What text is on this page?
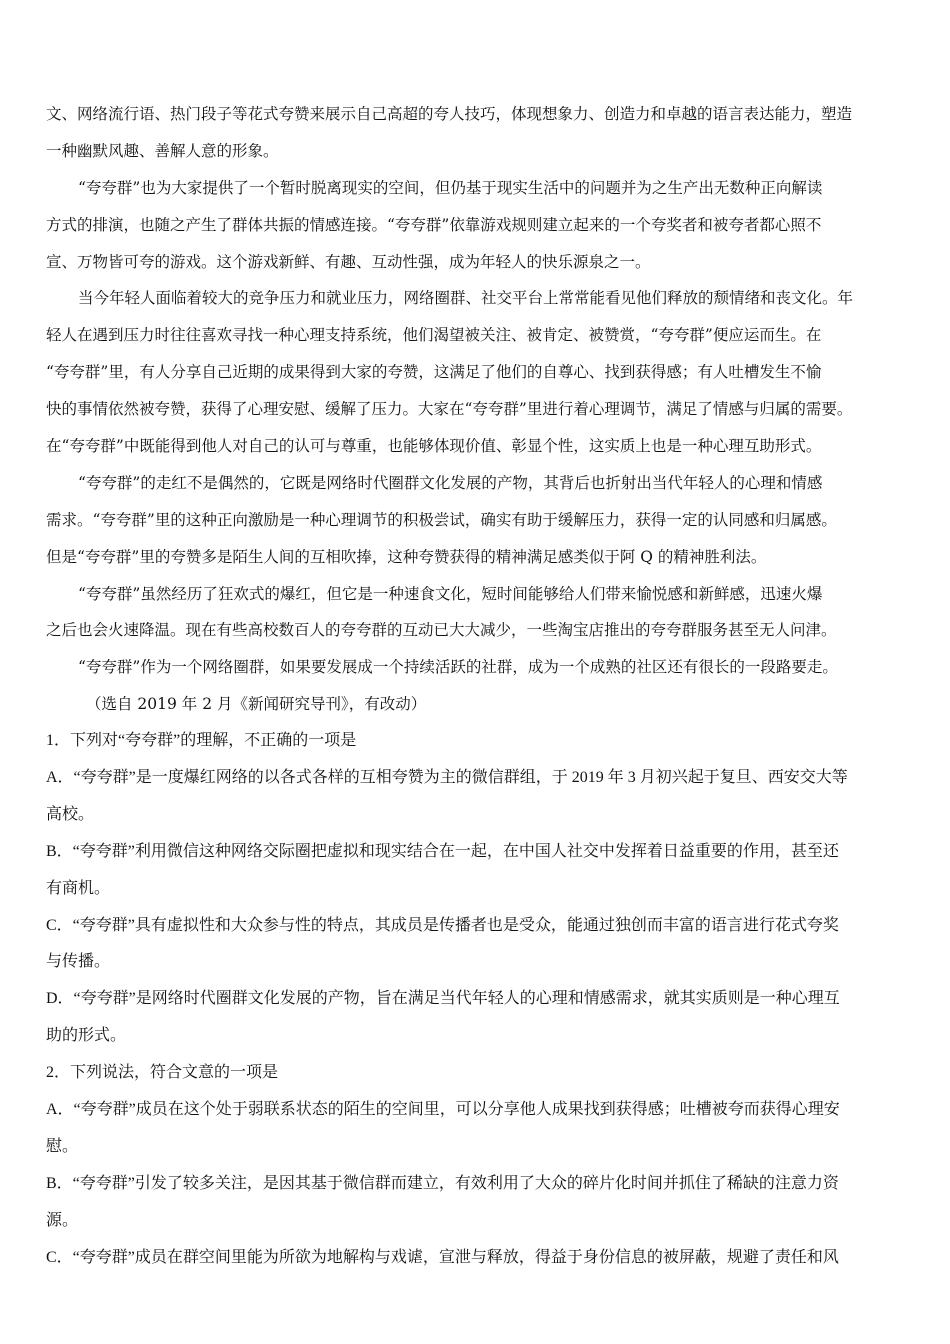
文、网络流行语、热门段子等花式夸赞来展示自己高超的夸人技巧，体现想象力、创造力和卓越的语言表达能力，塑造
一种幽默风趣、善解人意的形象。
“夸夸群”也为大家提供了一个暂时脱离现实的空间，但仍基于现实生活中的问题并为之生产出无数种正向解读
方式的排演，也随之产生了群体共振的情感连接。“夸夸群”依靠游戏规则建立起来的一个夸奖者和被夸者都心照不
宣、万物皆可夸的游戏。这个游戏新鲜、有趣、互动性强，成为年轻人的快乐源泉之一。
当今年轻人面临着较大的竞争压力和就业压力，网络圈群、社交平台上常常能看见他们释放的颓情绪和丧文化。年
轻人在遇到压力时往往喜欢寻找一种心理支持系统，他们渴望被关注、被肯定、被赞赏，“夸夸群”便应运而生。在
“夸夸群”里，有人分享自己近期的成果得到大家的夸赞，这满足了他们的自尊心、找到获得感；有人吐槽发生不愉
快的事情依然被夸赞，获得了心理安慰、缓解了压力。大家在“夸夸群”里进行着心理调节，满足了情感与归属的需要。
在“夸夸群”中既能得到他人对自己的认可与尊重，也能够体现价值、彰显个性，这实质上也是一种心理互助形式。
“夸夸群”的走红不是偶然的，它既是网络时代圈群文化发展的产物，其背后也折射出当代年轻人的心理和情感
需求。“夸夸群”里的这种正向激励是一种心理调节的积极尝试，确实有助于缓解压力，获得一定的认同感和归属感。
但是“夸夸群”里的夸赞多是陌生人间的互相吹捧，这种夸赞获得的精神满足感类似于阿 Q 的精神胜利法。
“夸夸群”虽然经历了狂欢式的爆红，但它是一种速食文化，短时间能够给人们带来愉悦感和新鲜感，迅速火爆
之后也会火速降温。现在有些高校数百人的夸夸群的互动已大大减少，一些淘宝店推出的夸夸群服务甚至无人问津。
“夸夸群”作为一个网络圈群，如果要发展成一个持续活跃的社群，成为一个成熟的社区还有很长的一段路要走。
（选自 2019 年 2 月《新闻研究导刊》，有改动）
1．下列对“夸夸群”的理解，不正确的一项是
A．“夸夸群”是一度爆红网络的以各式各样的互相夸赞为主的微信群组，于 2019 年 3 月初兴起于复旦、西安交大等
高校。
B．“夸夸群”利用微信这种网络交际圈把虚拟和现实结合在一起，在中国人社交中发挥着日益重要的作用，甚至还
有商机。
C．“夸夸群”具有虚拟性和大众参与性的特点，其成员是传播者也是受众，能通过独创而丰富的语言进行花式夸奖
与传播。
D．“夸夸群”是网络时代圈群文化发展的产物，旨在满足当代年轻人的心理和情感需求，就其实质则是一种心理互
助的形式。
2．下列说法，符合文意的一项是
A．“夸夸群”成员在这个处于弱联系状态的陌生的空间里，可以分享他人成果找到获得感；吐槽被夸而获得心理安
慰。
B．“夸夸群”引发了较多关注，是因其基于微信群而建立，有效利用了大众的碎片化时间并抓住了稀缺的注意力资
源。
C．“夸夸群”成员在群空间里能为所欲为地解构与戏谑，宣泄与释放，得益于身份信息的被屏蔽，规避了责任和风
